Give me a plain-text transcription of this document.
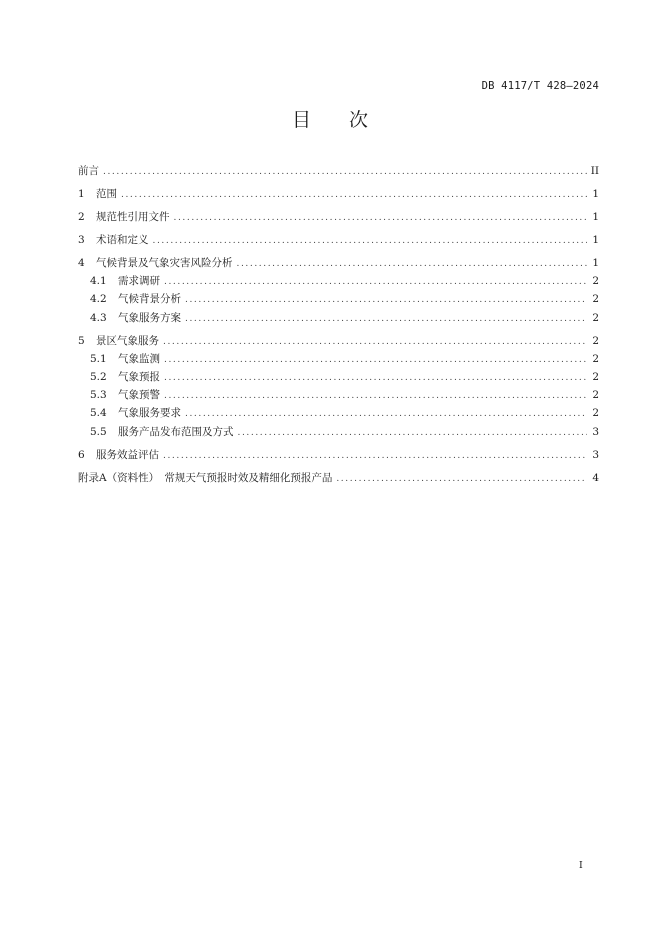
DB 4117/T 428—2024
目 次
前言 .....	II
1	范围 .....	1
2	规范性引用文件 .....	1
3	术语和定义 .....	1
4	气候背景及气象灾害风险分析 .....	1
4.1	需求调研 .....	2
4.2	气候背景分析 .....	2
4.3	气象服务方案 .....	2
5	景区气象服务 .....	2
5.1	气象监测 .....	2
5.2	气象预报 .....	2
5.3	气象预警 .....	2
5.4	气象服务要求 .....	2
5.5	服务产品发布范围及方式 .....	3
6	服务效益评估 .....	3
附录A（资料性）　常规天气预报时效及精细化预报产品 .....	4
I
